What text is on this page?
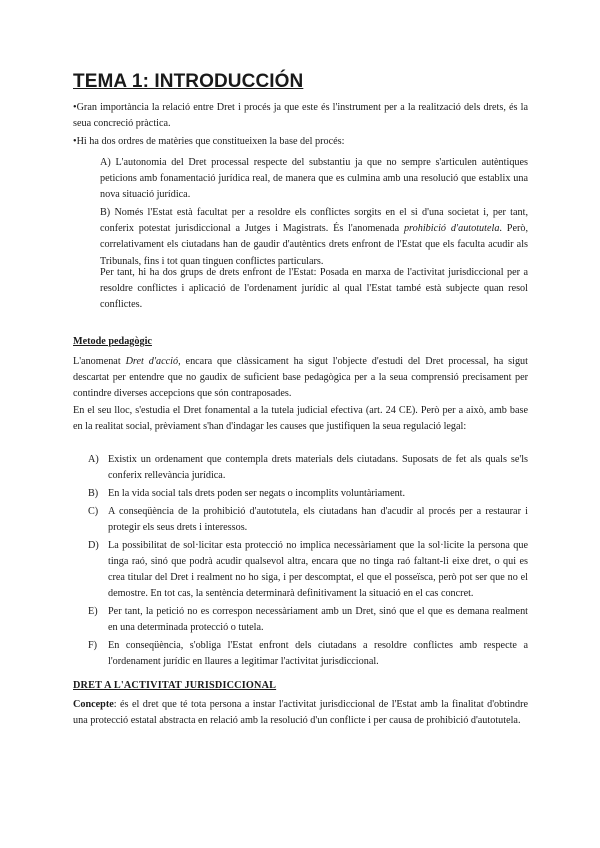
TEMA 1: INTRODUCCIÓN

•Gran importància la relació entre Dret i procés ja que este és l'instrument per a la realització dels drets, és la seua concreció pràctica.

•Hi ha dos ordres de matèries que constitueixen la base del procés:

A) L'autonomia del Dret processal respecte del substantiu ja que no sempre s'articulen autèntiques peticions amb fonamentació jurídica real, de manera que es culmina amb una resolució que establix una nova situació jurídica.

B) Només l'Estat està facultat per a resoldre els conflictes sorgits en el si d'una societat i, per tant, conferix potestat jurisdiccional a Jutges i Magistrats. És l'anomenada prohibició d'autotutela. Però, correlativament els ciutadans han de gaudir d'autèntics drets enfront de l'Estat que els faculta acudir als Tribunals, fins i tot quan tinguen conflictes particulars.

Per tant, hi ha dos grups de drets enfront de l'Estat: Posada en marxa de l'activitat jurisdiccional per a resoldre conflictes i aplicació de l'ordenament jurídic al qual l'Estat també està subjecte quan resol conflictes.

Metode pedagògic

L'anomenat Dret d'acció, encara que clàssicament ha sigut l'objecte d'estudi del Dret processal, ha sigut descartat per entendre que no gaudix de suficient base pedagògica per a la seua comprensió precisament per contindre diverses accepcions que són contraposades.

En el seu lloc, s'estudia el Dret fonamental a la tutela judicial efectiva (art. 24 CE). Però per a això, amb base en la realitat social, prèviament s'han d'indagar les causes que justifiquen la seua regulació legal:

A) Existix un ordenament que contempla drets materials dels ciutadans. Suposats de fet als quals se'ls conferix rellevància jurídica.
B) En la vida social tals drets poden ser negats o incomplits voluntàriament.
C) A conseqüència de la prohibició d'autotutela, els ciutadans han d'acudir al procés per a restaurar i protegir els seus drets i interessos.
D) La possibilitat de sol·licitar esta protecció no implica necessàriament que la sol·licite la persona que tinga raó, sinó que podrà acudir qualsevol altra, encara que no tinga raó faltant-li eixe dret, o qui es crea titular del Dret i realment no ho siga, i per descomptat, el que el posseïsca, però pot ser que no el demostre. En tot cas, la sentència determinarà definitivament la situació en el cas concret.
E)	Per tant, la petició no es correspon necessàriament amb un Dret, sinó que el que es demana realment en una determinada protecció o tutela.
F)	En conseqüència, s'obliga l'Estat enfront dels ciutadans a resoldre conflictes amb respecte a l'ordenament jurídic en llaures a legitimar l'activitat jurisdiccional.
DRET A L'ACTIVITAT JURISDICCIONAL

Concepte: és el dret que té tota persona a instar l'activitat jurisdiccional de l'Estat amb la finalitat d'obtindre una protecció estatal abstracta en relació amb la resolució d'un conflicte i per causa de prohibició d'autotutela.
